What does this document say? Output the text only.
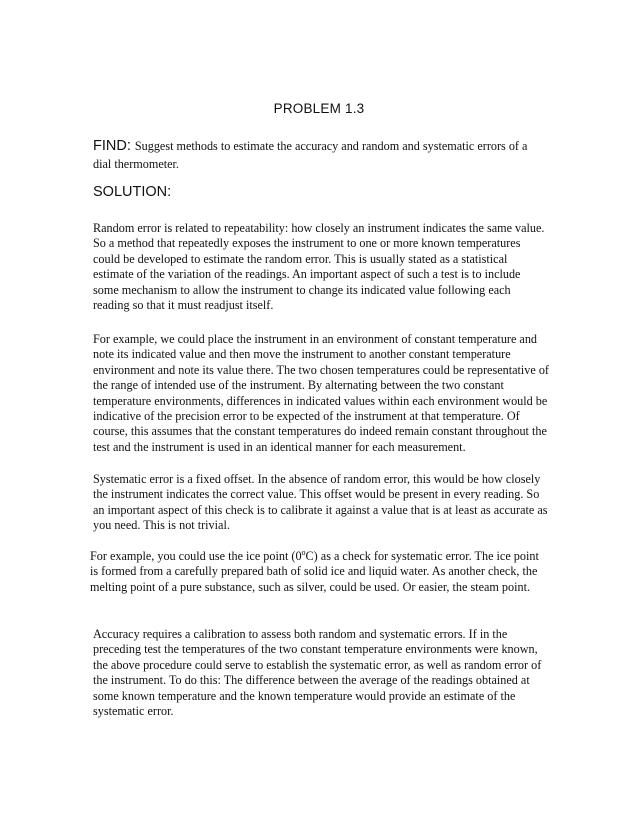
PROBLEM 1.3
FIND: Suggest methods to estimate the accuracy and random and systematic errors of a
dial thermometer.
SOLUTION:

Random error is related to repeatability: how closely an instrument indicates the same value.
So a method that repeatedly exposes the instrument to one or more known temperatures
could be developed to estimate the random error. This is usually stated as a statistical
estimate of the variation of the readings. An important aspect of such a test is to include
some mechanism to allow the instrument to change its indicated value following each
reading so that it must readjust itself.

For example, we could place the instrument in an environment of constant temperature and
note its indicated value and then move the instrument to another constant temperature
environment and note its value there. The two chosen temperatures could be representative of
the range of intended use of the instrument. By alternating between the two constant
temperature environments, differences in indicated values within each environment would be
indicative of the precision error to be expected of the instrument at that temperature. Of
course, this assumes that the constant temperatures do indeed remain constant throughout the
test and the instrument is used in an identical manner for each measurement.

Systematic error is a fixed offset. In the absence of random error, this would be how closely
the instrument indicates the correct value. This offset would be present in every reading. So
an important aspect of this check is to calibrate it against a value that is at least as accurate as
you need. This is not trivial.

For example, you could use the ice point (0$^o$C) as a check for systematic error. The ice point
is formed from a carefully prepared bath of solid ice and liquid water. As another check, the
melting point of a pure substance, such as silver, could be used. Or easier, the steam point.

Accuracy requires a calibration to assess both random and systematic errors. If in the
preceding test the temperatures of the two constant temperature environments were known,
the above procedure could serve to establish the systematic error, as well as random error of
the instrument. To do this: The difference between the average of the readings obtained at
some known temperature and the known temperature would provide an estimate of the
systematic error.
